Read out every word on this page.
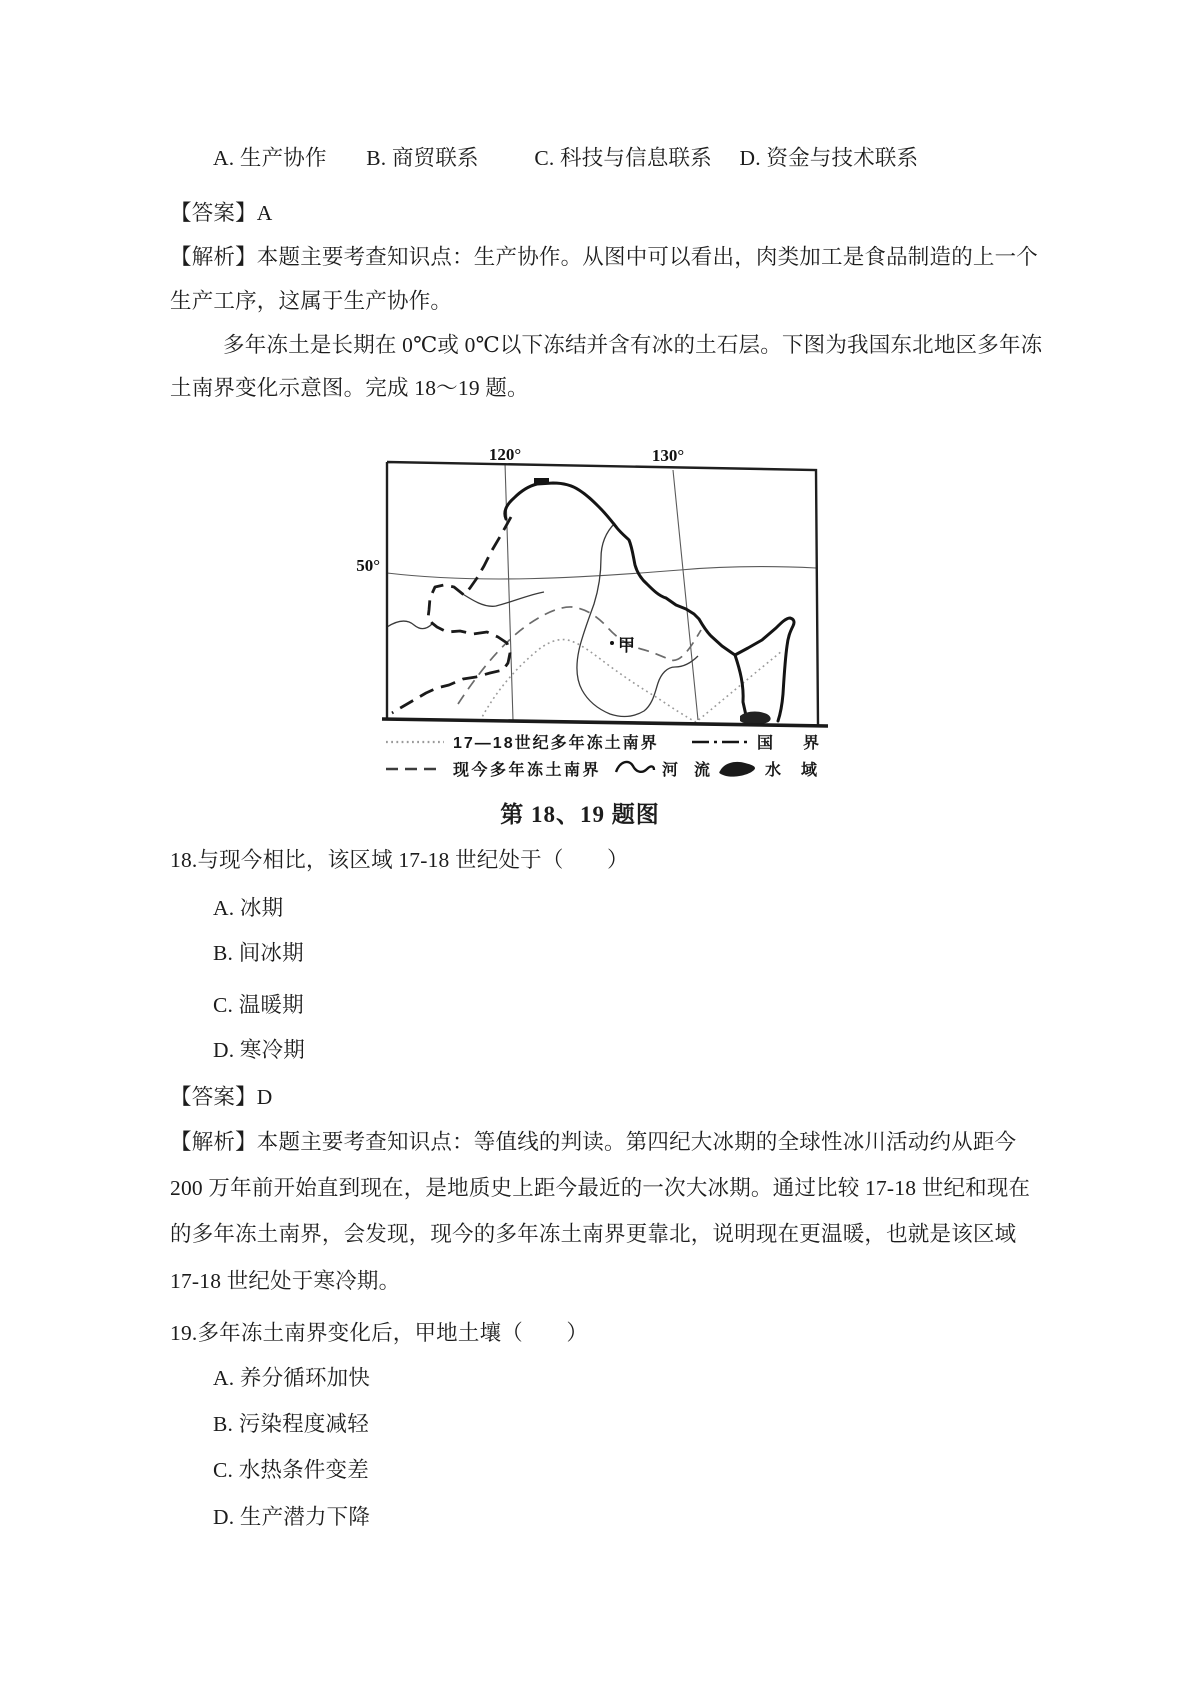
A. 生产协作 B. 商贸联系	C. 科技与信息联系 D. 资金与技术联系
【答案】A
【解析】本题主要考查知识点：生产协作。从图中可以看出，肉类加工是食品制造的上一个
生产工序，这属于生产协作。
多年冻土是长期在 0℃或 0℃以下冻结并含有冰的土石层。下图为我国东北地区多年冻
土南界变化示意图。完成 18～19 题。
甲
120°	130°
50°
17—18世纪多年冻土南界	国　界
现今多年冻土南界	河　流	水　域
第 18、19 题图
18.与现今相比，该区域 17-18 世纪处于（　　）
A. 冰期
B. 间冰期
C. 温暖期
D. 寒冷期
【答案】D
【解析】本题主要考查知识点：等值线的判读。第四纪大冰期的全球性冰川活动约从距今
200 万年前开始直到现在，是地质史上距今最近的一次大冰期。通过比较 17-18 世纪和现在
的多年冻土南界，会发现，现今的多年冻土南界更靠北，说明现在更温暖，也就是该区域
17-18 世纪处于寒冷期。
19.多年冻土南界变化后，甲地土壤（　　）
A. 养分循环加快
B. 污染程度减轻
C. 水热条件变差
D. 生产潜力下降
